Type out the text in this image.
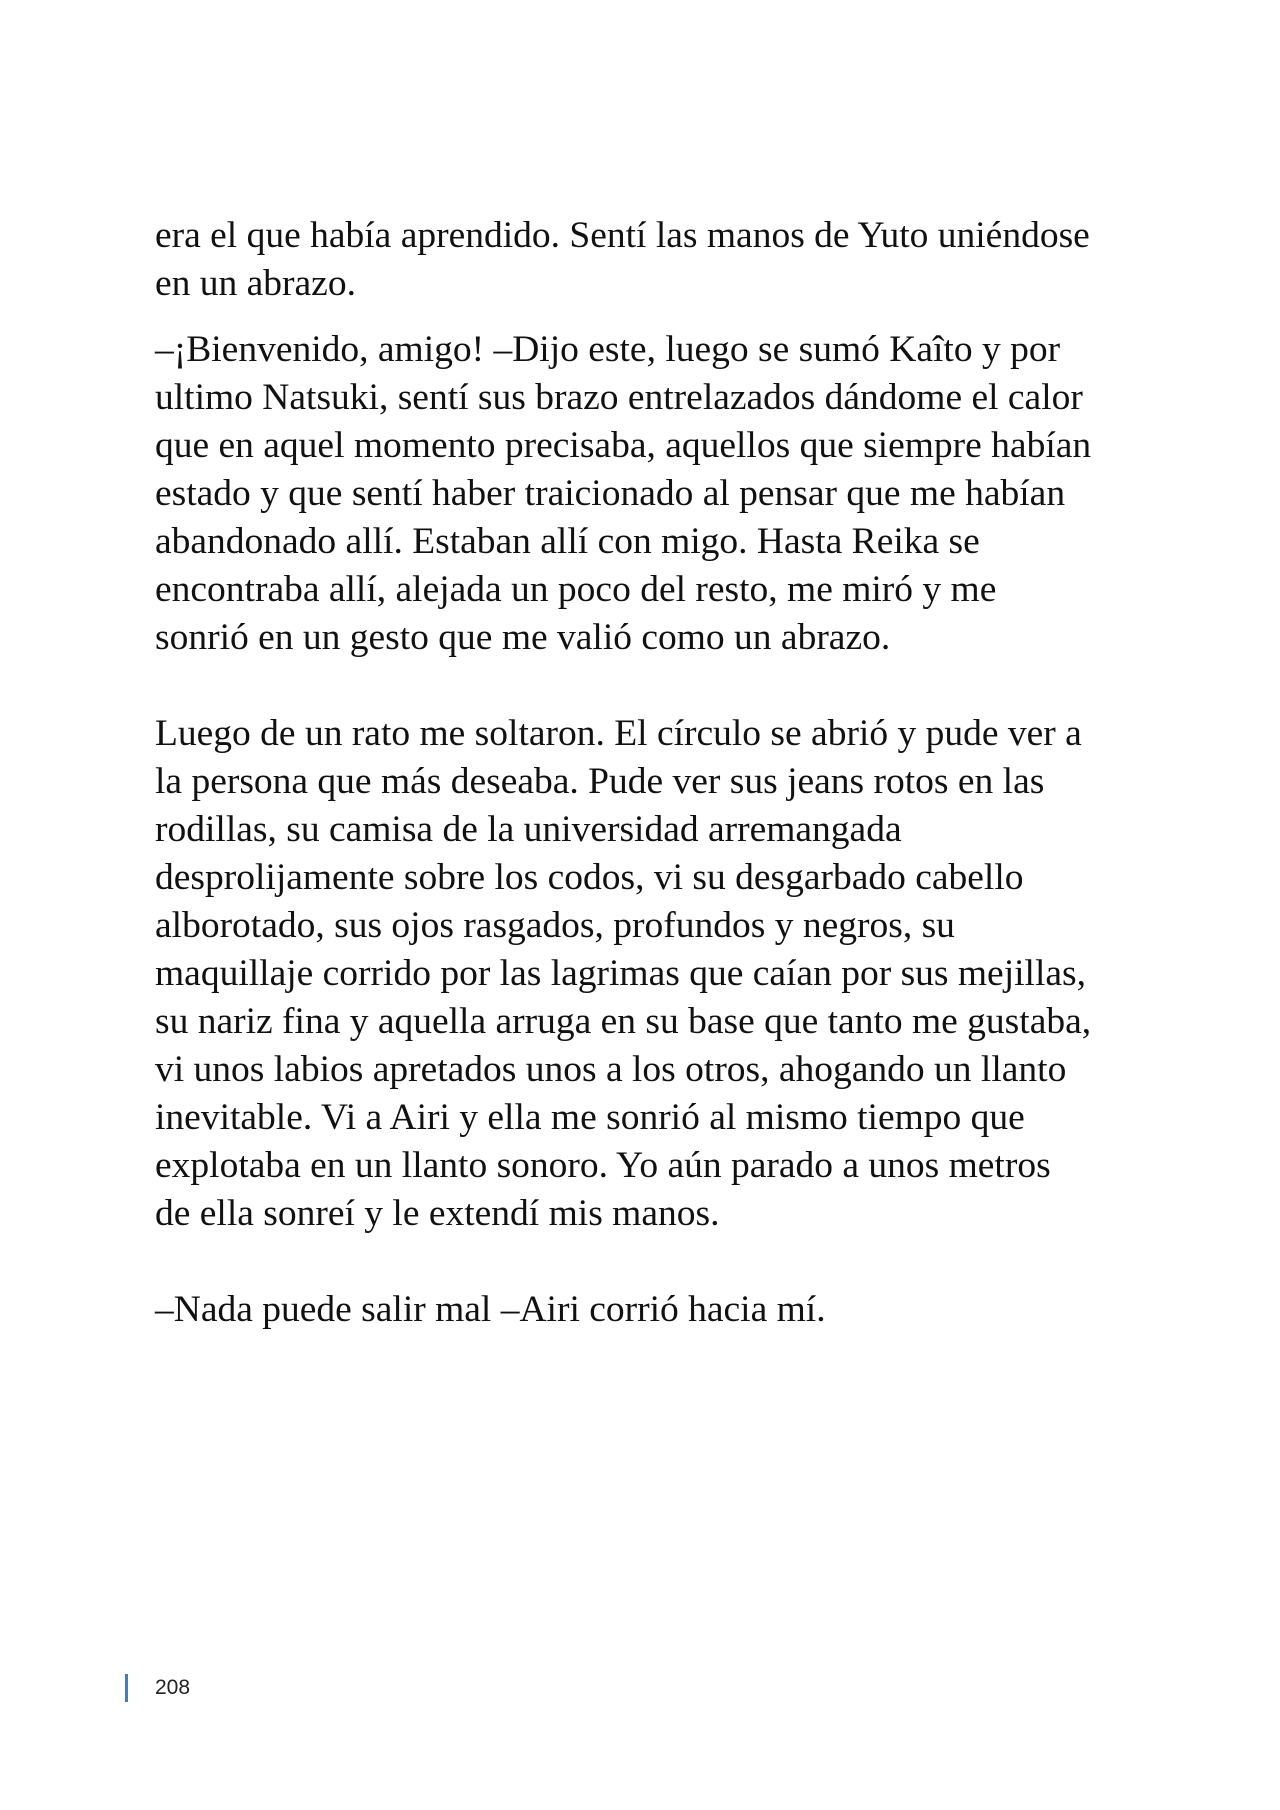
era el que había aprendido. Sentí las manos de Yuto uniéndose
en un abrazo.
–¡Bienvenido, amigo! –Dijo este, luego se sumó Kaîto y por
ultimo Natsuki, sentí sus brazo entrelazados dándome el calor
que en aquel momento precisaba, aquellos que siempre habían
estado y que sentí haber traicionado al pensar que me habían
abandonado allí. Estaban allí con migo. Hasta Reika se
encontraba allí, alejada un poco del resto, me miró y me
sonrió en un gesto que me valió como un abrazo.
Luego de un rato me soltaron. El círculo se abrió y pude ver a
la persona que más deseaba. Pude ver sus jeans rotos en las
rodillas, su camisa de la universidad arremangada
desprolijamente sobre los codos, vi su desgarbado cabello
alborotado, sus ojos rasgados, profundos y negros, su
maquillaje corrido por las lagrimas que caían por sus mejillas,
su nariz fina y aquella arruga en su base que tanto me gustaba,
vi unos labios apretados unos a los otros, ahogando un llanto
inevitable. Vi a Airi y ella me sonrió al mismo tiempo que
explotaba en un llanto sonoro. Yo aún parado a unos metros
de ella sonreí y le extendí mis manos.
–Nada puede salir mal –Airi corrió hacia mí.
208
